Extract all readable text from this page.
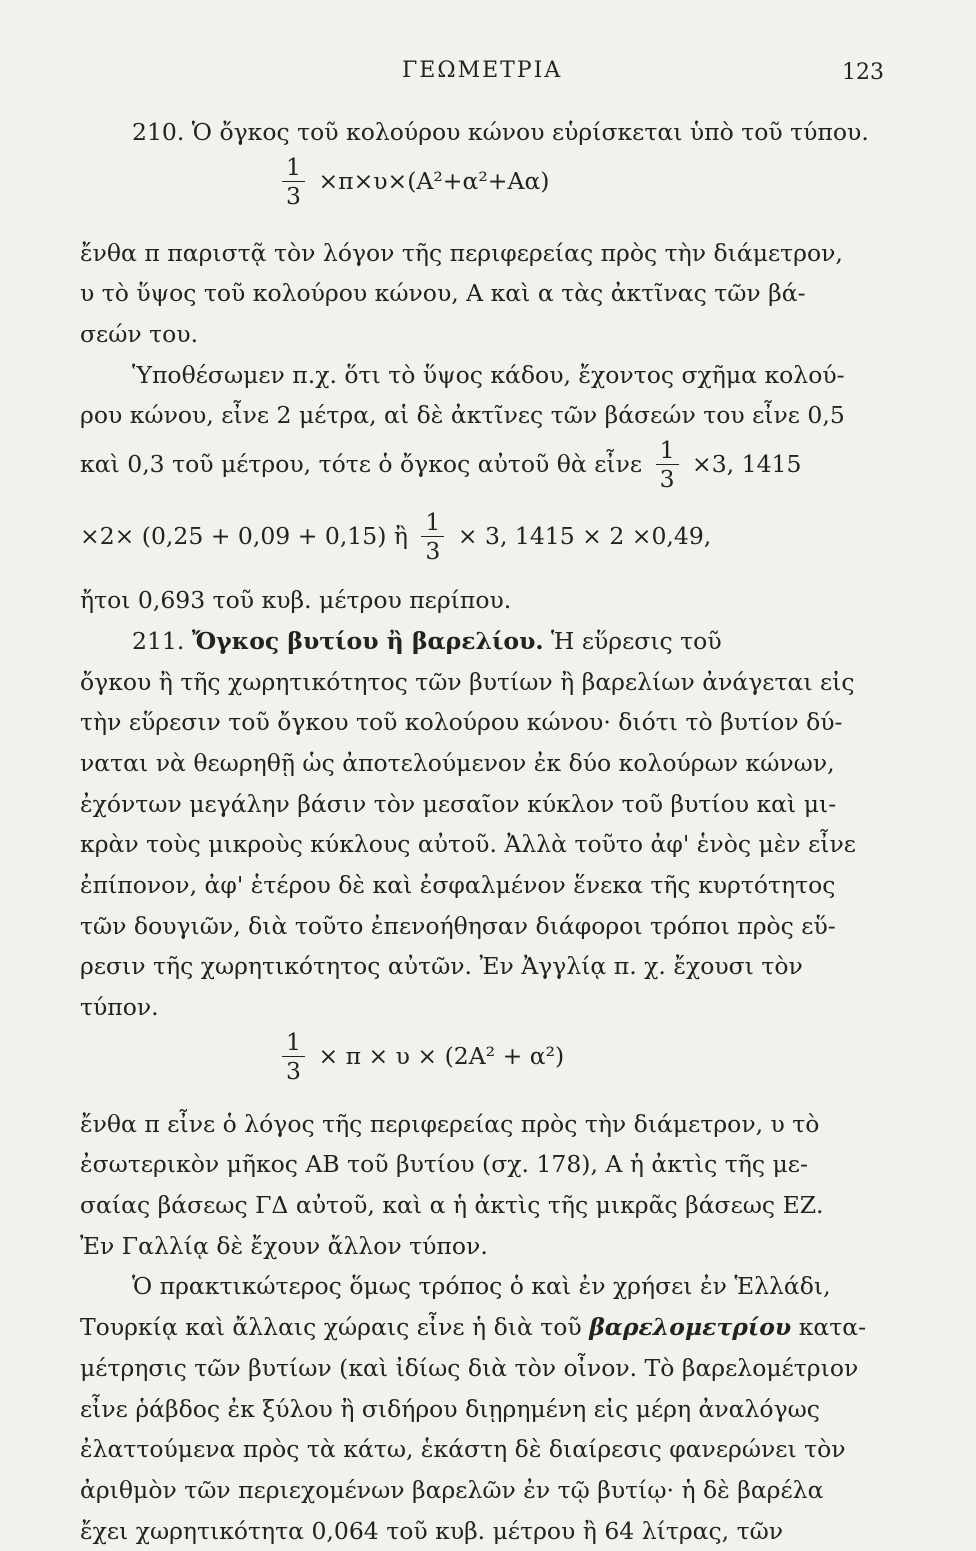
ΓΕΩΜΕΤΡΙΑ	123
210. Ὁ ὄγκος τοῦ κολούρου κώνου εὑρίσκεται ὑπὸ τοῦ τύπου.
$\frac{1}{3} \times\pi\times\upsilon\times(A^2+\alpha^2+A\alpha)$
ἔνθα π παριστᾷ τὸν λόγον τῆς περιφερείας πρὸς τὴν διάμετρον,
υ τὸ ὕψος τοῦ κολούρου κώνου, Α καὶ α τὰς ἀκτῖνας τῶν βά-
σεών του.
Ὑποθέσωμεν π.χ. ὅτι τὸ ὕψος κάδου, ἔχοντος σχῆμα κολού-
ρου κώνου, εἶνε 2 μέτρα, αἱ δὲ ἀκτῖνες τῶν βάσεών του εἶνε 0,5
καὶ 0,3 τοῦ μέτρου, τότε ὁ ὄγκος αὐτοῦ θὰ εἶνε $\frac{1}{3} \times 3$, 1415
×2× (0,25 + 0,09 + 0,15) ἢ $\frac{1}{3} \times 3$, 1415 × 2 ×0,49,
ἤτοι 0,693 τοῦ κυβ. μέτρου περίπου.
211. Ὄγκος βυτίου ἢ βαρελίου. Ἡ εὕρεσις τοῦ
ὄγκου ἢ τῆς χωρητικότητος τῶν βυτίων ἢ βαρελίων ἀνάγεται εἰς
τὴν εὕρεσιν τοῦ ὄγκου τοῦ κολούρου κώνου· διότι τὸ βυτίον δύ-
ναται νὰ θεωρηθῇ ὡς ἀποτελούμενον ἐκ δύο κολούρων κώνων,
ἐχόντων μεγάλην βάσιν τὸν μεσαῖον κύκλον τοῦ βυτίου καὶ μι-
κρὰν τοὺς μικροὺς κύκλους αὐτοῦ. Ἀλλὰ τοῦτο ἀφ' ἑνὸς μὲν εἶνε
ἐπίπονον, ἀφ' ἑτέρου δὲ καὶ ἐσφαλμένον ἕνεκα τῆς κυρτότητος
τῶν δουγιῶν, διὰ τοῦτο ἐπενοήθησαν διάφοροι τρόποι πρὸς εὕ-
ρεσιν τῆς χωρητικότητος αὐτῶν. Ἐν Ἀγγλίᾳ π. χ. ἔχουσι τὸν
τύπον.
$\frac{1}{3} \times \pi \times \upsilon \times (2A^2 + \alpha^2)$
ἔνθα π εἶνε ὁ λόγος τῆς περιφερείας πρὸς τὴν διάμετρον, υ τὸ
ἐσωτερικὸν μῆκος ΑΒ τοῦ βυτίου (σχ. 178), Α ἡ ἀκτὶς τῆς με-
σαίας βάσεως ΓΔ αὐτοῦ, καὶ α ἡ ἀκτὶς τῆς μικρᾶς βάσεως ΕΖ.
Ἐν Γαλλίᾳ δὲ ἔχουν ἄλλον τύπον.
Ὁ πρακτικώτερος ὅμως τρόπος ὁ καὶ ἐν χρήσει ἐν Ἑλλάδι,
Τουρκίᾳ καὶ ἄλλαις χώραις εἶνε ἡ διὰ τοῦ βαρελομετρίου κατα-
μέτρησις τῶν βυτίων (καὶ ἰδίως διὰ τὸν οἶνον. Τὸ βαρελομέτριον
εἶνε ῥάβδος ἐκ ξύλου ἢ σιδήρου διῃρημένη εἰς μέρη ἀναλόγως
ἐλαττούμενα πρὸς τὰ κάτω, ἑκάστη δὲ διαίρεσις φανερώνει τὸν
ἀριθμὸν τῶν περιεχομένων βαρελῶν ἐν τῷ βυτίῳ· ἡ δὲ βαρέλα
ἔχει χωρητικότητα 0,064 τοῦ κυβ. μέτρου ἢ 64 λίτρας, τῶν
